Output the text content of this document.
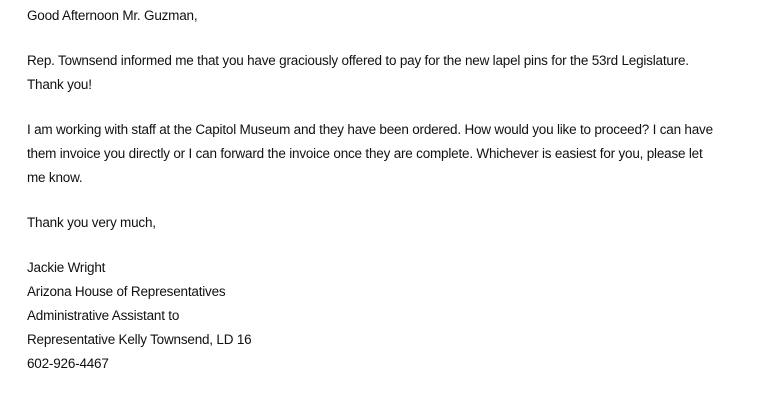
Good Afternoon Mr. Guzman,
Rep. Townsend informed me that you have graciously offered to pay for the new lapel pins for the 53rd Legislature.
Thank you!
I am working with staff at the Capitol Museum and they have been ordered. How would you like to proceed? I can have
them invoice you directly or I can forward the invoice once they are complete. Whichever is easiest for you, please let
me know.
Thank you very much,
Jackie Wright
Arizona House of Representatives
Administrative Assistant to
Representative Kelly Townsend, LD 16
602-926-4467
